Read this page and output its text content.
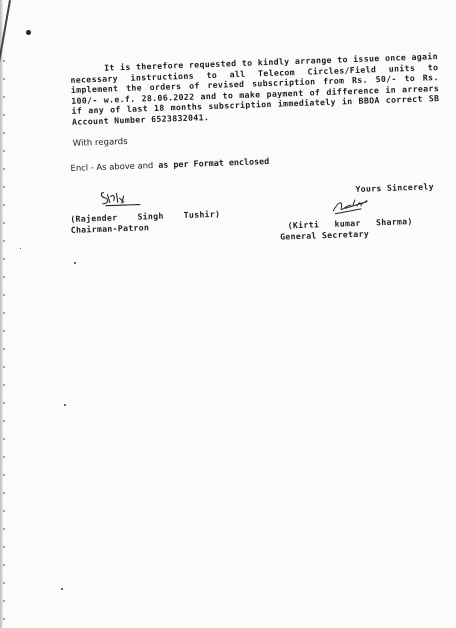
It is therefore requested to kindly arrange to issue once again necessary instructions to all Telecom Circles/Field units to implement the orders of revised subscription from Rs. 50/- to Rs. 100/- w.e.f. 28.06.2022 and to make payment of difference in arrears if any of last 18 months subscription immediately in BBOA correct SB Account Number 6523832041.

With regards
Encl - As above and as per Format enclosed
Yours Sincerely
(Rajender Singh Tushir)
Chairman-Patron	(Kirti kumar Sharma)
General Secretary
